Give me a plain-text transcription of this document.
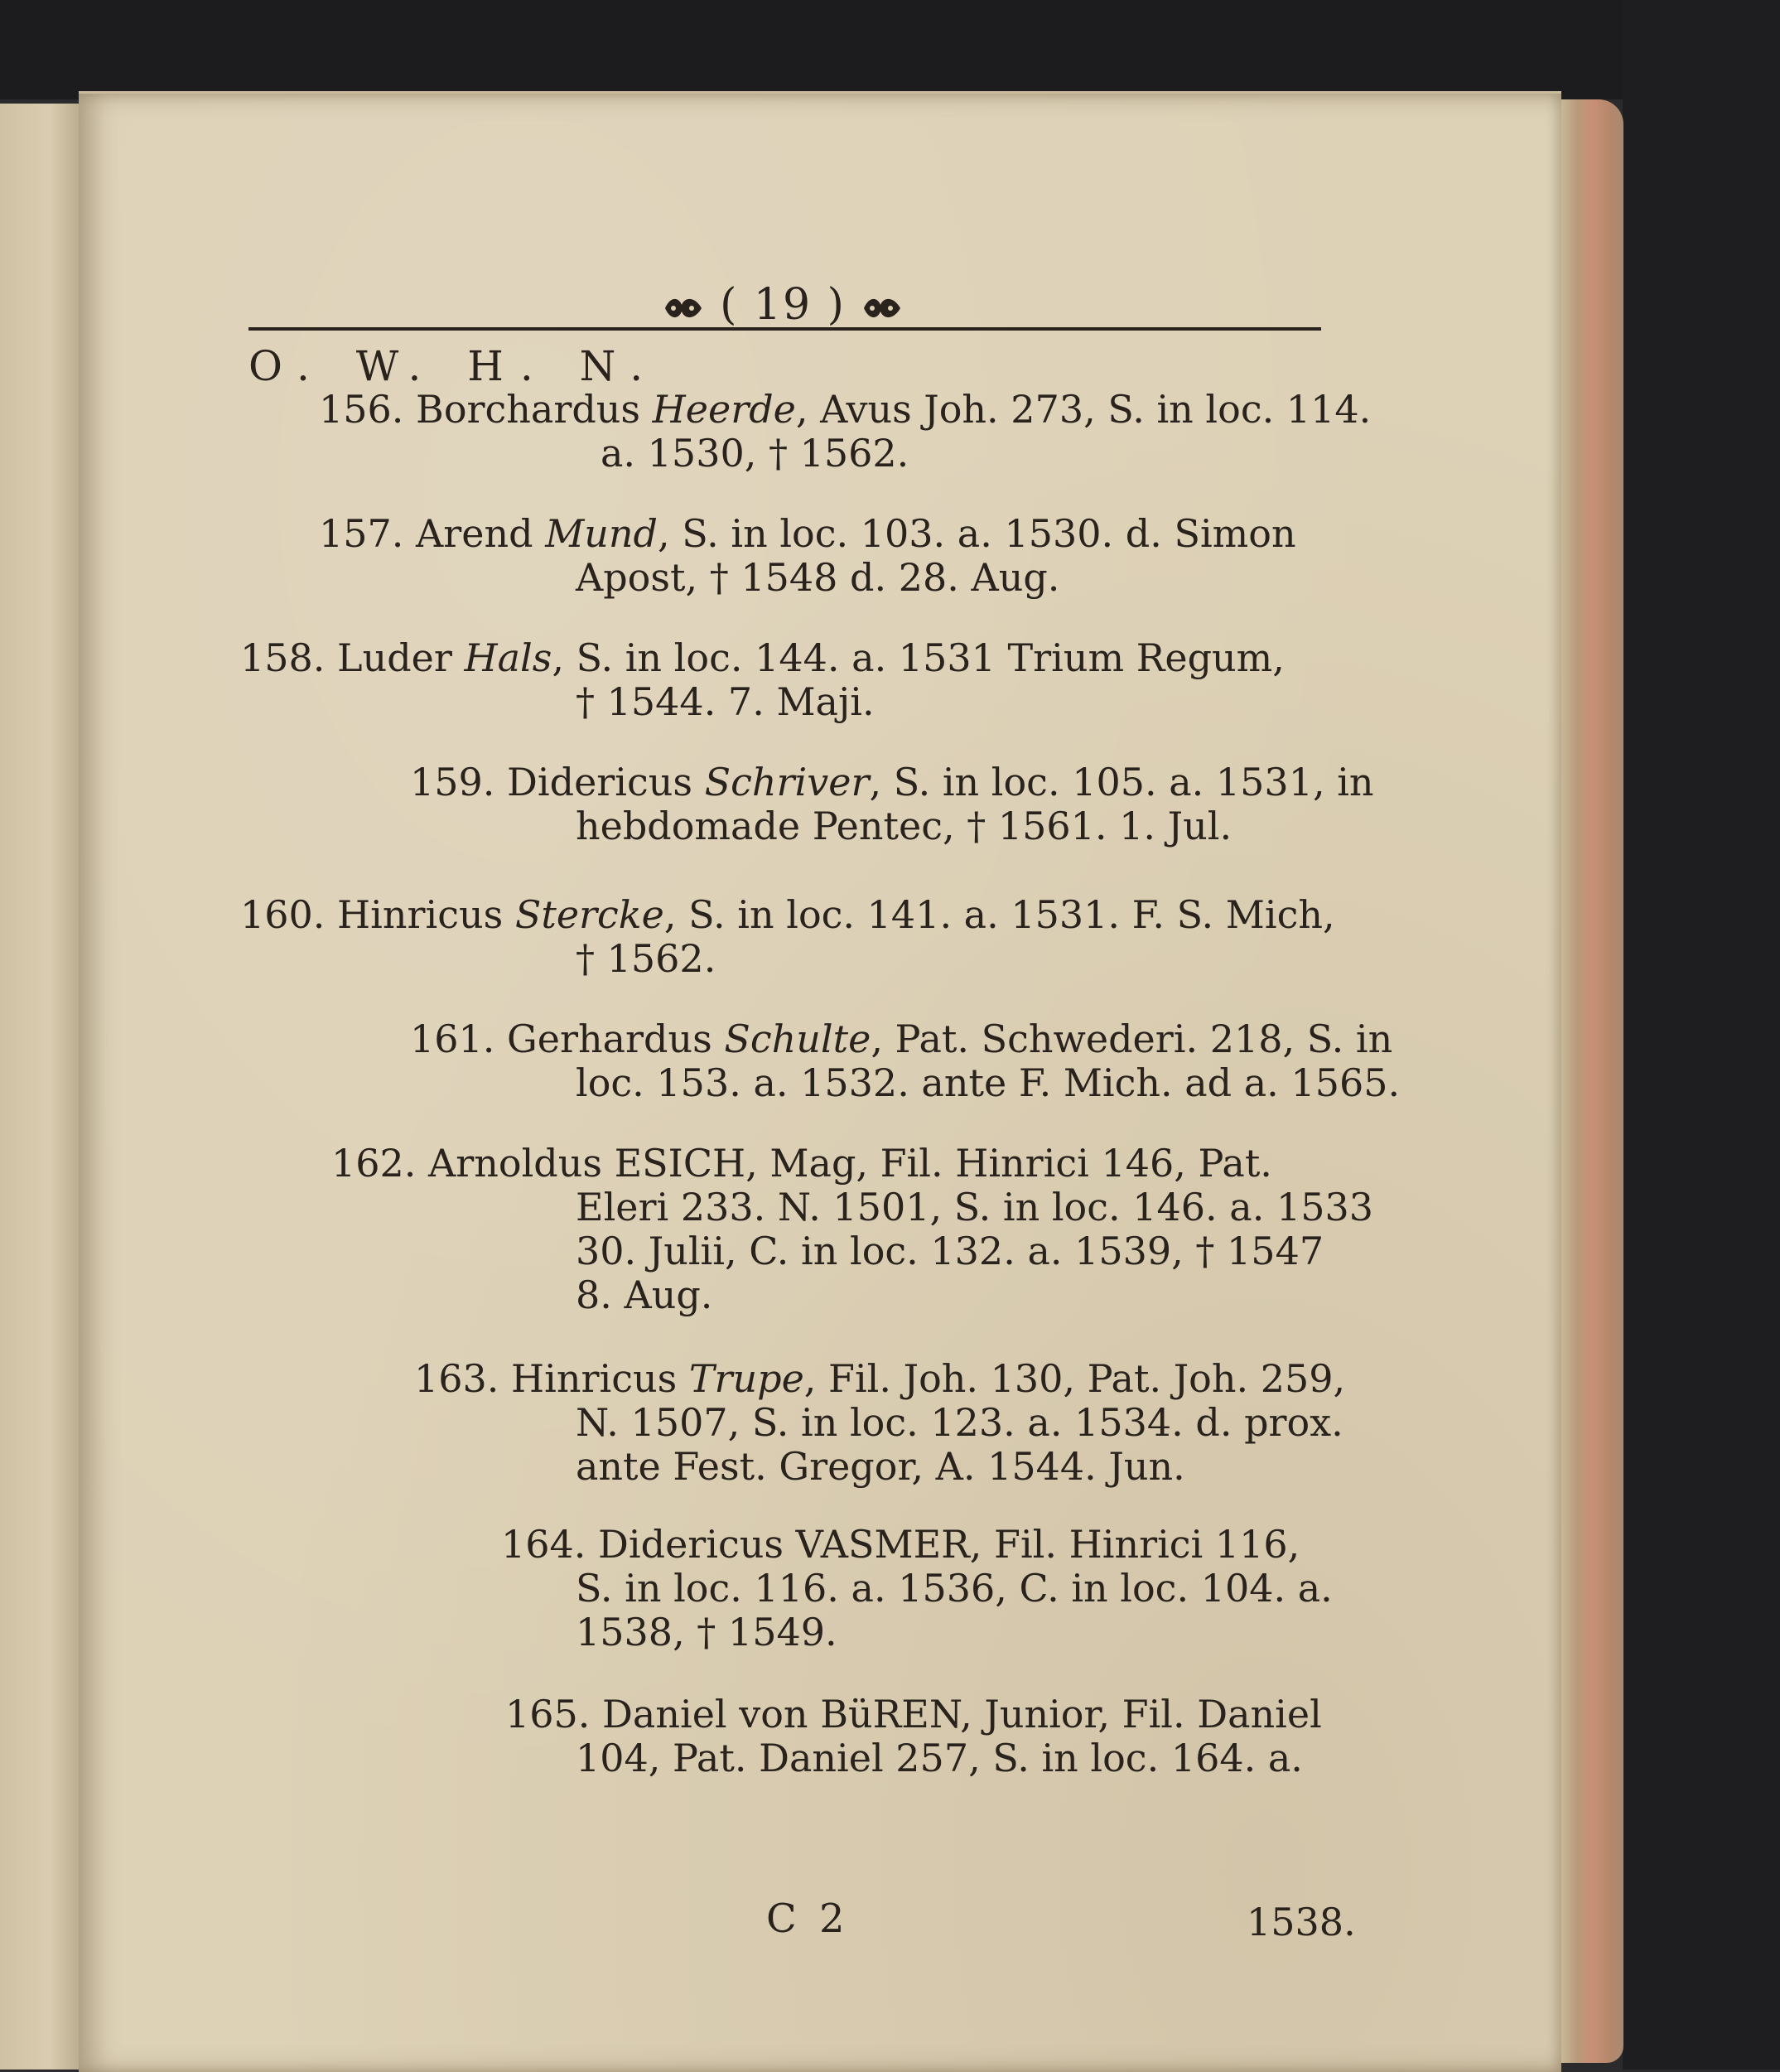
( 19 )
O. W. H. N.
156. Borchardus Heerde, Avus Joh. 273, S. in loc. 114.
a. 1530, † 1562.
157. Arend Mund, S. in loc. 103. a. 1530. d. Simon
Apost, † 1548 d. 28. Aug.
158. Luder Hals, S. in loc. 144. a. 1531 Trium Regum,
† 1544. 7. Maji.
159. Didericus Schriver, S. in loc. 105. a. 1531, in
hebdomade Pentec, † 1561. 1. Jul.
160. Hinricus Stercke, S. in loc. 141. a. 1531. F. S. Mich,
† 1562.
161. Gerhardus Schulte, Pat. Schwederi. 218, S. in
loc. 153. a. 1532. ante F. Mich. ad a. 1565.
162. Arnoldus ESICH, Mag, Fil. Hinrici 146, Pat.
Eleri 233. N. 1501, S. in loc. 146. a. 1533
30. Julii, C. in loc. 132. a. 1539, † 1547
8. Aug.
163. Hinricus Trupe, Fil. Joh. 130, Pat. Joh. 259,
N. 1507, S. in loc. 123. a. 1534. d. prox.
ante Fest. Gregor, A. 1544. Jun.
164. Didericus VASMER, Fil. Hinrici 116,
S. in loc. 116. a. 1536, C. in loc. 104. a.
1538, † 1549.
165. Daniel von BüREN, Junior, Fil. Daniel
104, Pat. Daniel 257, S. in loc. 164. a.
C 2	1538.
